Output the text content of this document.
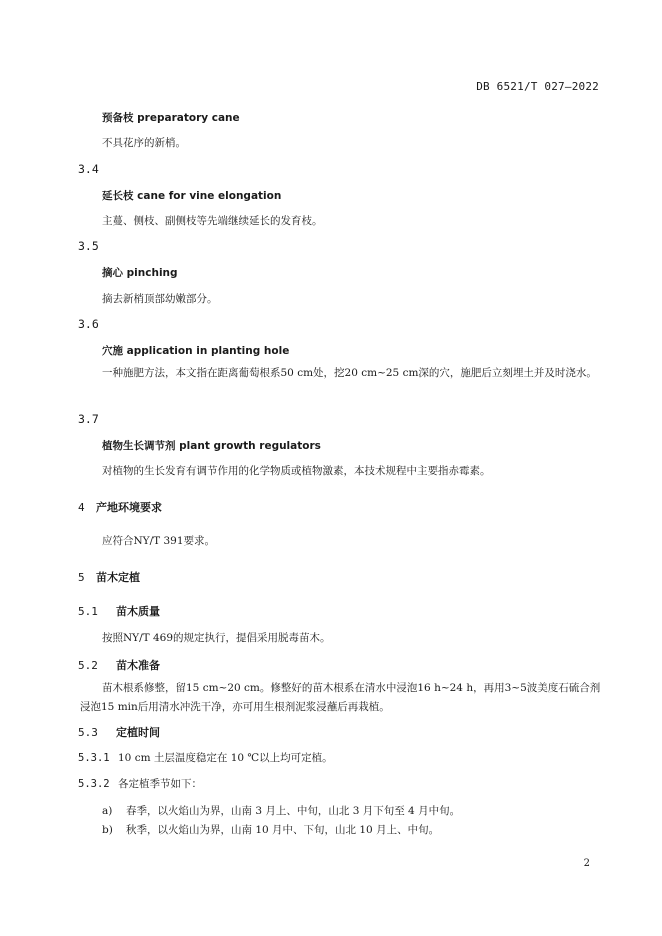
DB 6521/T 027—2022
预备枝 preparatory cane
不具花序的新梢。
3.4
延长枝 cane for vine elongation
主蔓、侧枝、副侧枝等先端继续延长的发育枝。
3.5
摘心 pinching
摘去新梢顶部幼嫩部分。
3.6
穴施 application in planting hole
一种施肥方法，本文指在距离葡萄根系50 cm处，挖20 cm~25 cm深的穴，施肥后立刻埋土并及时浇水。
3.7
植物生长调节剂 plant growth regulators
对植物的生长发育有调节作用的化学物质或植物激素，本技术规程中主要指赤霉素。
4 产地环境要求
应符合NY/T 391要求。
5 苗木定植
5.1 苗木质量
按照NY/T 469的规定执行，提倡采用脱毒苗木。
5.2 苗木准备
苗木根系修整，留15 cm~20 cm。修整好的苗木根系在清水中浸泡16 h~24 h，再用3~5波美度石硫合剂浸泡15 min后用清水冲洗干净，亦可用生根剂泥浆浸蘸后再栽植。
5.3 定植时间
5.3.1 10 cm 土层温度稳定在 10 ℃以上均可定植。
5.3.2 各定植季节如下：
a) 春季，以火焰山为界，山南 3 月上、中旬，山北 3 月下旬至 4 月中旬。
b) 秋季，以火焰山为界，山南 10 月中、下旬，山北 10 月上、中旬。
2
